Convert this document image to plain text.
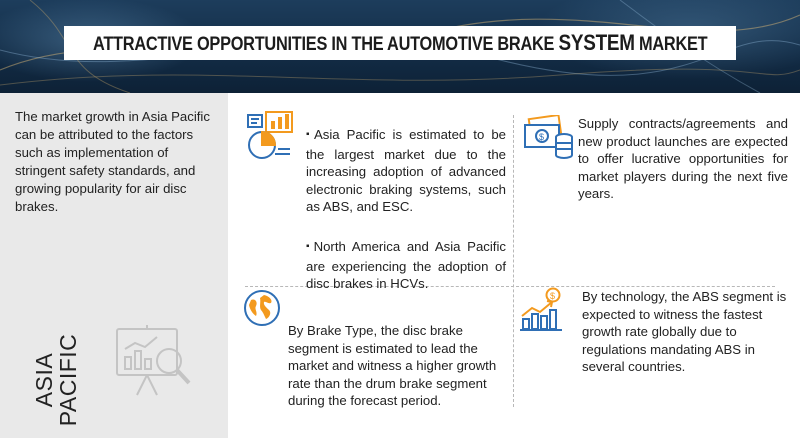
ATTRACTIVE OPPORTUNITIES IN THE AUTOMOTIVE BRAKE SYSTEM MARKET
The market growth in Asia Pacific can be attributed to the factors such as implementation of stringent safety standards, and growing popularity for air disc brakes.
ASIA
PACIFIC
▪ Asia Pacific is estimated to be the largest market due to the increasing adoption of advanced electronic braking systems, such as ABS, and ESC.
▪ North America and Asia Pacific are experiencing the adoption of disc brakes in HCVs.
$
Supply contracts/agreements and new product launches are expected to offer lucrative opportunities for market players during the next five years.
By Brake Type, the disc brake segment is estimated to lead the market and witness a higher growth rate than the drum brake segment during the forecast period.
$ By technology, the ABS segment is expected to witness the fastest growth rate globally due to regulations mandating ABS in several countries.
